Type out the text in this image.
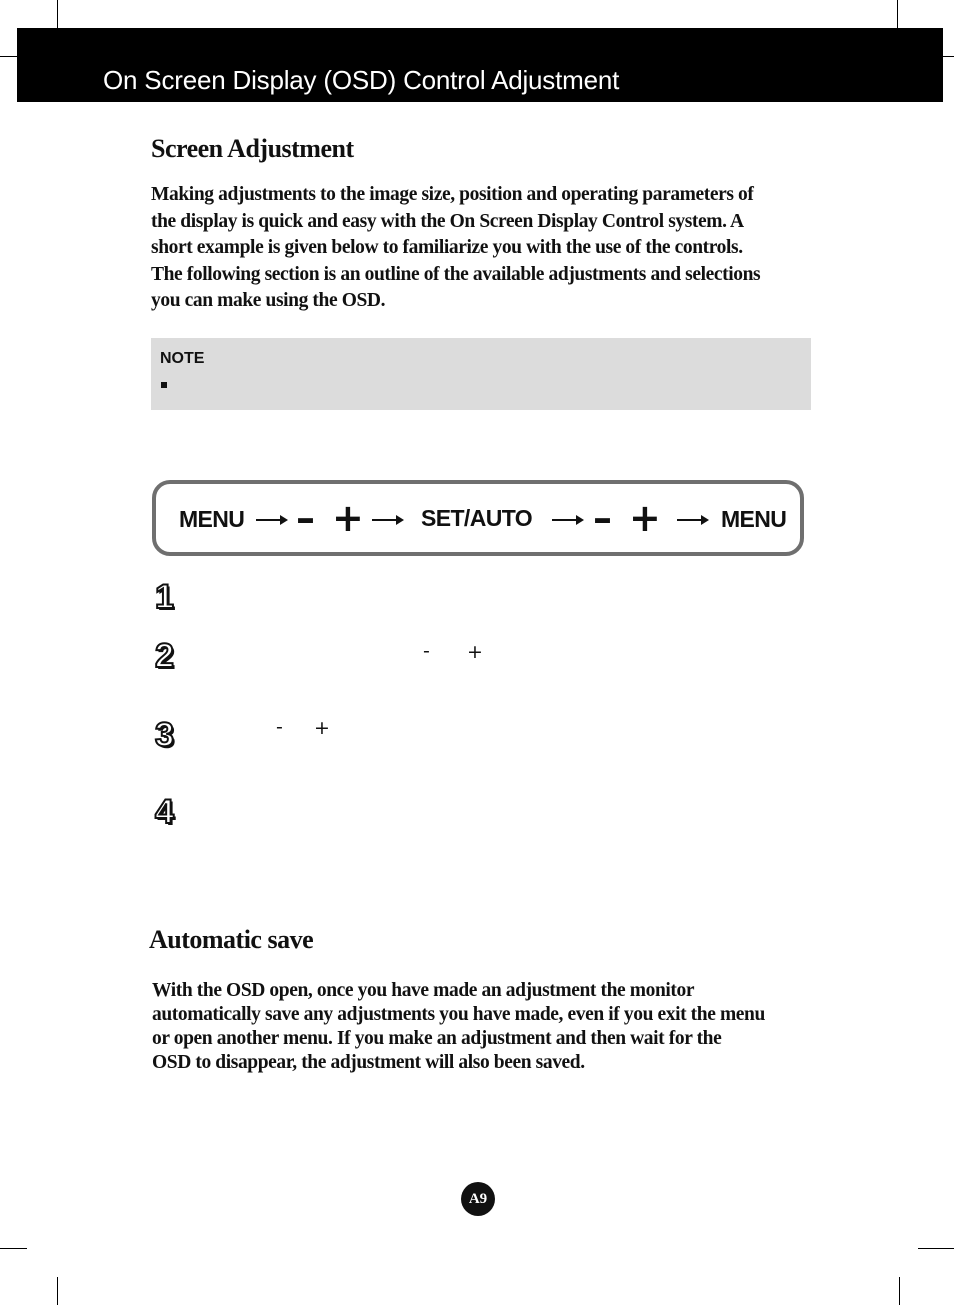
On Screen Display (OSD) Control Adjustment
Screen Adjustment
Making adjustments to the image size, position and operating parameters of
the display is quick and easy with the On Screen Display Control system. A
short example is given below to familiarize you with the use of the controls.
The following section is an outline of the available adjustments and selections
you can make using the OSD.
NOTE
MENU – + SET/AUTO – +	MENU
1
2	- +
3	- +
4
Automatic save
With the OSD open, once you have made an adjustment the monitor
automatically save any adjustments you have made, even if you exit the menu
or open another menu. If you make an adjustment and then wait for the
OSD to disappear, the adjustment will also been saved.
A9
